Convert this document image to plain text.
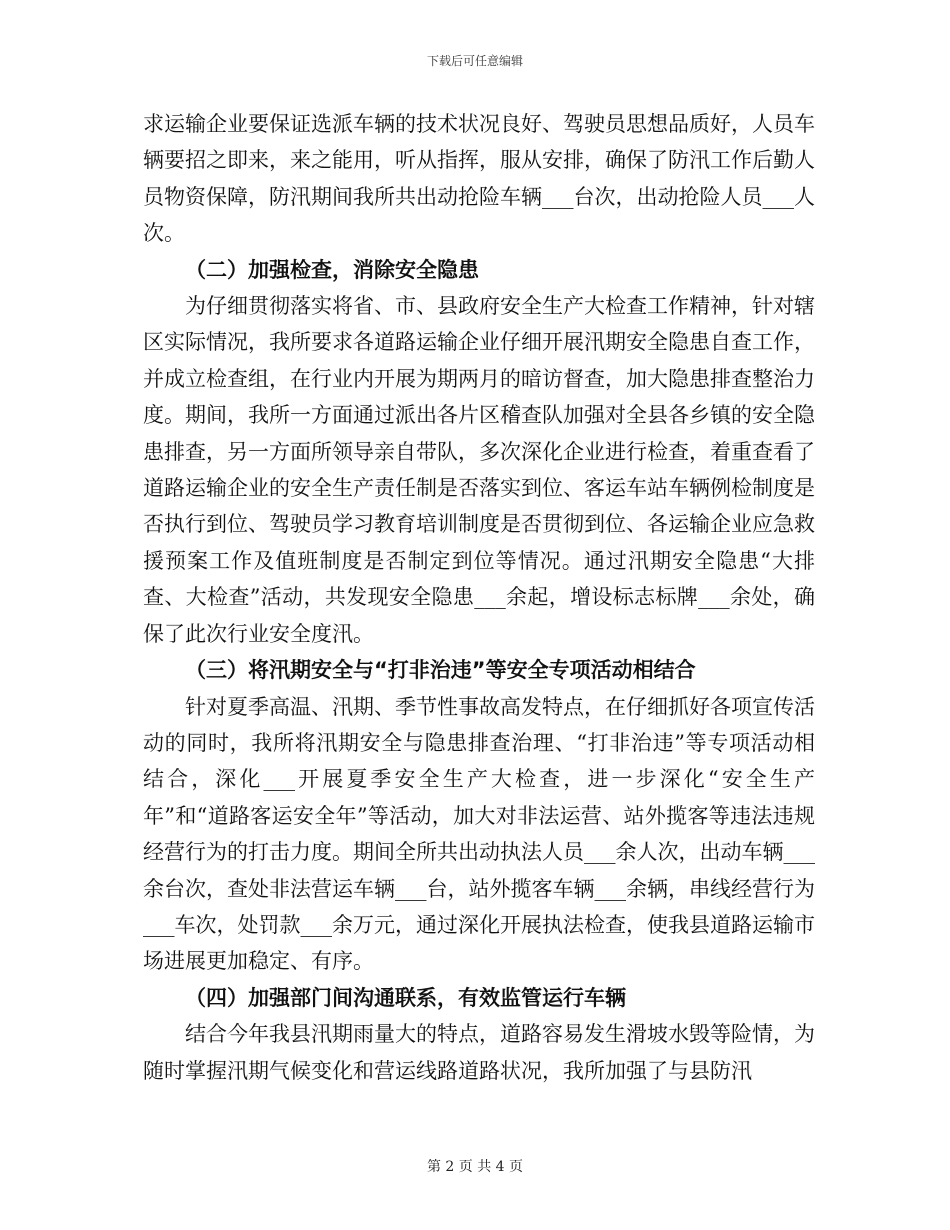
下载后可任意编辑

求运输企业要保证选派车辆的技术状况良好、驾驶员思想品质好，人员车辆要招之即来，来之能用，听从指挥，服从安排，确保了防汛工作后勤人员物资保障，防汛期间我所共出动抢险车辆___台次，出动抢险人员___人次。

（二）加强检查，消除安全隐患

为仔细贯彻落实将省、市、县政府安全生产大检查工作精神，针对辖区实际情况，我所要求各道路运输企业仔细开展汛期安全隐患自查工作，并成立检查组，在行业内开展为期两月的暗访督查，加大隐患排查整治力度。期间，我所一方面通过派出各片区稽查队加强对全县各乡镇的安全隐患排查，另一方面所领导亲自带队，多次深化企业进行检查，着重查看了道路运输企业的安全生产责任制是否落实到位、客运车站车辆例检制度是否执行到位、驾驶员学习教育培训制度是否贯彻到位、各运输企业应急救援预案工作及值班制度是否制定到位等情况。通过汛期安全隐患“大排查、大检查”活动，共发现安全隐患___余起，增设标志标牌___余处，确保了此次行业安全度汛。

（三）将汛期安全与“打非治违”等安全专项活动相结合

针对夏季高温、汛期、季节性事故高发特点，在仔细抓好各项宣传活动的同时，我所将汛期安全与隐患排查治理、“打非治违”等专项活动相结合，深化___开展夏季安全生产大检查，进一步深化“安全生产年”和“道路客运安全年”等活动，加大对非法运营、站外揽客等违法违规经营行为的打击力度。期间全所共出动执法人员___余人次，出动车辆___余台次，查处非法营运车辆___台，站外揽客车辆___余辆，串线经营行为___车次，处罚款___余万元，通过深化开展执法检查，使我县道路运输市场进展更加稳定、有序。

（四）加强部门间沟通联系，有效监管运行车辆

结合今年我县汛期雨量大的特点，道路容易发生滑坡水毁等险情，为随时掌握汛期气候变化和营运线路道路状况，我所加强了与县防汛

第 2 页 共 4 页
